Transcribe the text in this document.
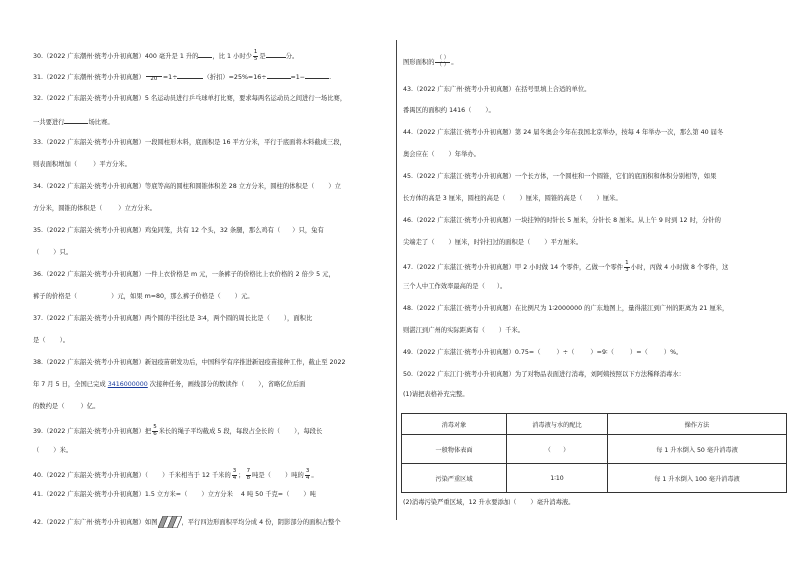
30.（2022 广东潮州·统考小升初真题）400 毫升是 1 升的 ，比 1 小时少 $\frac{1}{5}$ 是	分。
31.（2022 广东潮州·统考小升初真题）	20 =1÷	（折扣）=25%=16÷	=1−	.
32.（2022 广东韶关·统考小升初真题）5 名运动员进行乒乓球单打比赛，要求每两名运动员之间进行一场比赛，
一共要进行	场比赛。
33.（2022 广东韶关·统考小升初真题）一段圆柱形木料，底面积是 16 平方分米，平行于底面将木料截成三段，
则表面积增加（	）平方分米。
34.（2022 广东韶关·统考小升初真题）等底等高的圆柱和圆锥体积差 28 立方分米，圆柱的体积是（ ）立
方分米，圆锥的体积是（	）立方分米。
35.（2022 广东韶关·统考小升初真题）鸡兔同笼，共有 12 个头，32 条腿，那么鸡有（ ）只，兔有
（ ）只。
36.（2022 广东韶关·统考小升初真题）一件上衣价格是 m 元，一条裤子的价格比上衣价格的 2 倍少 5 元，
裤子的价格是（	）元，如果 m=80，那么裤子价格是（ ）元。
37.（2022 广东韶关·统考小升初真题）两个圆的半径比是 3∶4，两个圆的周长比是（ ），面积比
是（ ）。
38.（2022 广东韶关·统考小升初真题）新冠疫苗研发功后，中国科学有序推进新冠疫苗接种工作，截止至 2022
年 7 月 5 日，全国已完成 3416000000 次接种任务，画线部分的数读作（ ），省略亿位后面
的数约是（	）亿。
39.（2022 广东韶关·统考小升初真题）把 $\frac{5}{6}$ 米长的绳子平均截成 5 段，每段占全长的（ ），每段长
（ ）米。
40.（2022 广东韶关·统考小升初真题）（ ）千米相当于 12 千米的 $\frac{3}{4}$ ； $\frac{7}{8}$ 吨是（ ）吨的 $\frac{3}{4}$ 。
41.（2022 广东韶关·统考小升初真题）1.5 立方米=（ ）立方分米 4 吨 50 千克=（ ）吨
42.（2022 广东广州·统考小升初真题）如图	，平行四边形面积平均分成 4 份，阴影部分的面积占整个
图形面积的 $\frac{( )}{( )}$ 。
43.（2022 广东广州·统考小升初真题）在括号里填上合适的单位。
番禺区的面积约 1416（ ）。
44.（2022 广东湛江·统考小升初真题）第 24 届冬奥会今年在我国北京举办，按每 4 年举办一次，那么第 40 届冬
奥会应在（ ）年举办。
45.（2022 广东湛江·统考小升初真题）一个长方体，一个圆柱和一个圆锥，它们的底面积和体积分别相等，如果
长方体的高是 3 厘米，圆柱的高是（ ）厘米，圆锥的高是（ ）厘米。
46.（2022 广东湛江·统考小升初真题）一块挂钟的时针长 5 厘米，分针长 8 厘米。从上午 9 时到 12 时，分针的
尖端走了（ ）厘米，时针扫过的面积是（ ）平方厘米。
47.（2022 广东湛江·统考小升初真题）甲 2 小时做 14 个零件，乙做一个零件 $\frac{1}{3}$ 小时，丙做 4 小时做 8 个零件，这
三个人中工作效率最高的是（ ）。
48.（2022 广东湛江·统考小升初真题）在比例尺为 1∶2000000 的广东地图上，量得湛江到广州的距离为 21 厘米，
则湛江到广州的实际距离有（ ）千米。
49.（2022 广东湛江·统考小升初真题）0.75=（	）÷（	）=9∶（	）=（	）%。
50.（2022 广东江门·统考小升初真题）为了对物品表面进行消毒，刘阿姨按照以下方法稀释消毒水：
(1)请把表格补充完整。
消毒对象	消毒液与水的配比	操作方法
一般物体表面	（　　）	每 1 升水倒入 50 毫升消毒液
污染严重区域	1∶10	每 1 升水倒入 100 毫升消毒液
(2)消毒污染严重区域，12 升水要添加（ ）毫升消毒液。
